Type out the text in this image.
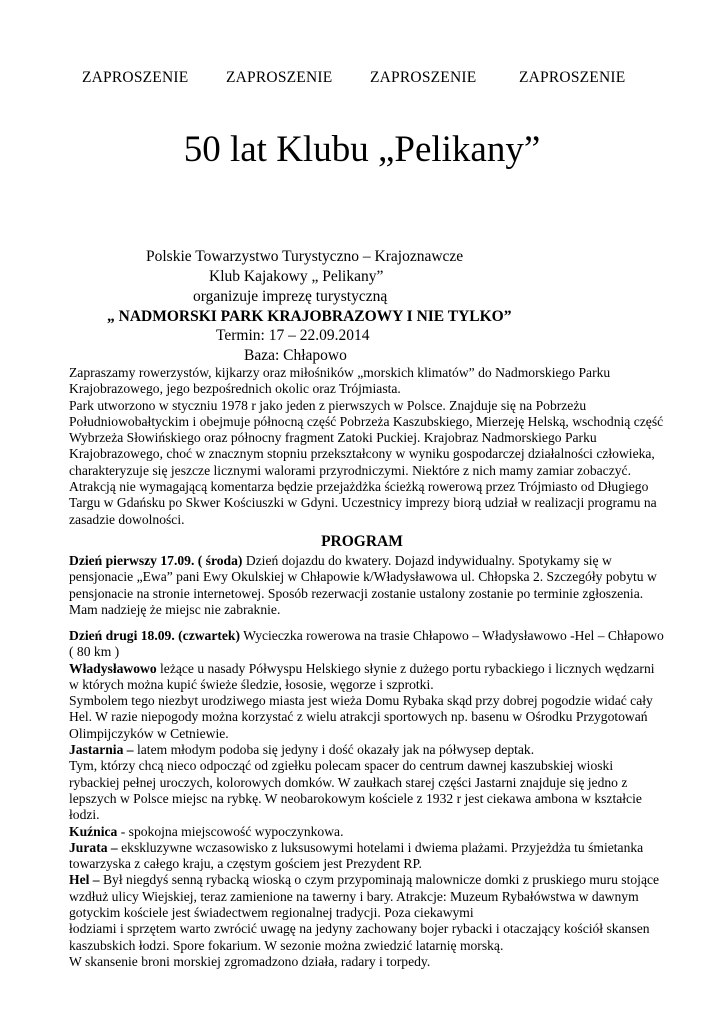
ZAPROSZENIE ZAPROSZENIE ZAPROSZENIE	ZAPROSZENIE
50 lat Klubu „Pelikany”
Polskie Towarzystwo Turystyczno – Krajoznawcze
Klub Kajakowy „ Pelikany”
organizuje imprezę turystyczną
„ NADMORSKI PARK KRAJOBRAZOWY I NIE TYLKO”
Termin: 17 – 22.09.2014
Baza: Chłapowo

Zapraszamy rowerzystów, kijkarzy oraz miłośników „morskich klimatów” do Nadmorskiego Parku

Krajobrazowego, jego bezpośrednich okolic oraz Trójmiasta.

Park utworzono w styczniu 1978 r jako jeden z pierwszych w Polsce. Znajduje się na Pobrzeżu

Południowobałtyckim i obejmuje północną część Pobrzeża Kaszubskiego, Mierzeję Helską, wschodnią część

Wybrzeża Słowińskiego oraz północny fragment Zatoki Puckiej. Krajobraz Nadmorskiego Parku

Krajobrazowego, choć w znacznym stopniu przekształcony w wyniku gospodarczej działalności człowieka,

charakteryzuje się jeszcze licznymi walorami przyrodniczymi. Niektóre z nich mamy zamiar zobaczyć.

Atrakcją nie wymagającą komentarza będzie przejażdżka ścieżką rowerową przez Trójmiasto od Długiego

Targu w Gdańsku po Skwer Kościuszki w Gdyni. Uczestnicy imprezy biorą udział w realizacji programu na

zasadzie dowolności.

PROGRAM

Dzień pierwszy 17.09. ( środa) Dzień dojazdu do kwatery. Dojazd indywidualny. Spotykamy się w

pensjonacie „Ewa” pani Ewy Okulskiej w Chłapowie k/Władysławowa ul. Chłopska 2. Szczegóły pobytu w

pensjonacie na stronie internetowej. Sposób rezerwacji zostanie ustalony zostanie po terminie zgłoszenia.

Mam nadzieję że miejsc nie zabraknie.

Dzień drugi 18.09. (czwartek) Wycieczka rowerowa na trasie Chłapowo – Władysławowo -Hel – Chłapowo

( 80 km )

Władysławowo leżące u nasady Półwyspu Helskiego słynie z dużego portu rybackiego i licznych wędzarni

w których można kupić świeże śledzie, łososie, węgorze i szprotki.

Symbolem tego niezbyt urodziwego miasta jest wieża Domu Rybaka skąd przy dobrej pogodzie widać cały

Hel. W razie niepogody można korzystać z wielu atrakcji sportowych np. basenu w Ośrodku Przygotowań

Olimpijczyków w Cetniewie.

Jastarnia – latem młodym podoba się jedyny i dość okazały jak na półwysep deptak.

Tym, którzy chcą nieco odpocząć od zgiełku polecam spacer do centrum dawnej kaszubskiej wioski

rybackiej pełnej uroczych, kolorowych domków. W zaułkach starej części Jastarni znajduje się jedno z

lepszych w Polsce miejsc na rybkę. W neobarokowym kościele z 1932 r jest ciekawa ambona w kształcie

łodzi.

Kuźnica - spokojna miejscowość wypoczynkowa.

Jurata – ekskluzywne wczasowisko z luksusowymi hotelami i dwiema plażami. Przyjeżdża tu śmietanka

towarzyska z całego kraju, a częstym gościem jest Prezydent RP.

Hel – Był niegdyś senną rybacką wioską o czym przypominają malownicze domki z pruskiego muru stojące

wzdłuż ulicy Wiejskiej, teraz zamienione na tawerny i bary. Atrakcje: Muzeum Rybałówstwa w dawnym

gotyckim kościele jest świadectwem regionalnej tradycji. Poza ciekawymi

łodziami i sprzętem warto zwrócić uwagę na jedyny zachowany bojer rybacki i otaczający kościół skansen

kaszubskich łodzi. Spore fokarium. W sezonie można zwiedzić latarnię morską.

W skansenie broni morskiej zgromadzono działa, radary i torpedy.
